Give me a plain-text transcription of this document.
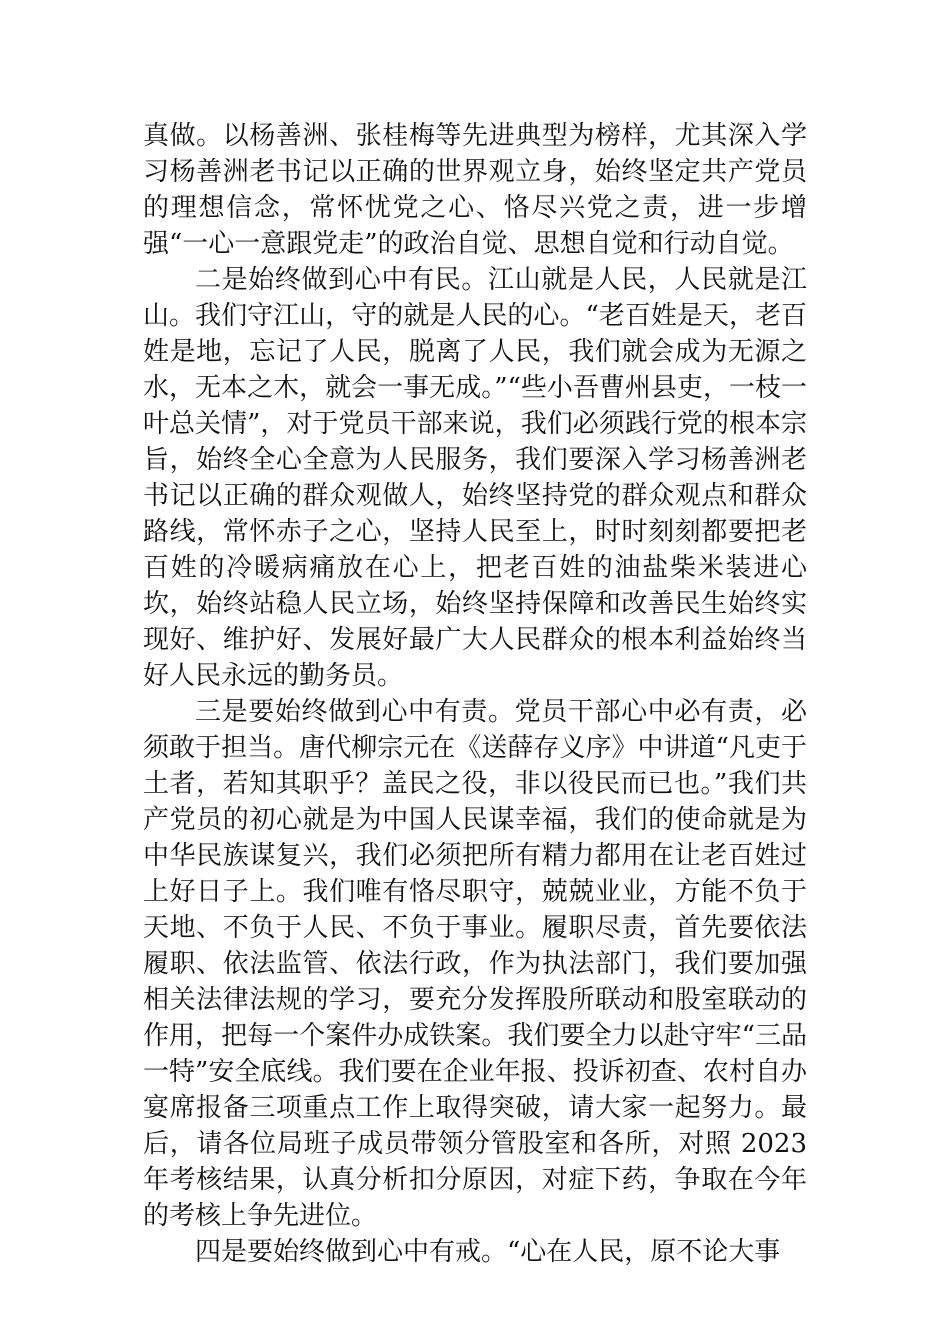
真做。以杨善洲、张桂梅等先进典型为榜样，尤其深入学习杨善洲老书记以正确的世界观立身，始终坚定共产党员的理想信念，常怀忧党之心、恪尽兴党之责，进一步增强“一心一意跟党走”的政治自觉、思想自觉和行动自觉。

二是始终做到心中有民。江山就是人民，人民就是江山。我们守江山，守的就是人民的心。“老百姓是天，老百姓是地，忘记了人民，脱离了人民，我们就会成为无源之水，无本之木，就会一事无成。”“些小吾曹州县吏，一枝一叶总关情”，对于党员干部来说，我们必须践行党的根本宗旨，始终全心全意为人民服务，我们要深入学习杨善洲老书记以正确的群众观做人，始终坚持党的群众观点和群众路线，常怀赤子之心，坚持人民至上，时时刻刻都要把老百姓的冷暖病痛放在心上，把老百姓的油盐柴米装进心坎，始终站稳人民立场，始终坚持保障和改善民生始终实现好、维护好、发展好最广大人民群众的根本利益始终当好人民永远的勤务员。

三是要始终做到心中有责。党员干部心中必有责，必须敢于担当。唐代柳宗元在《送薛存义序》中讲道“凡吏于土者，若知其职乎？盖民之役，非以役民而已也。”我们共产党员的初心就是为中国人民谋幸福，我们的使命就是为中华民族谋复兴，我们必须把所有精力都用在让老百姓过上好日子上。我们唯有恪尽职守，兢兢业业，方能不负于天地、不负于人民、不负于事业。履职尽责，首先要依法履职、依法监管、依法行政，作为执法部门，我们要加强相关法律法规的学习，要充分发挥股所联动和股室联动的作用，把每一个案件办成铁案。我们要全力以赴守牢“三品一特”安全底线。我们要在企业年报、投诉初查、农村自办宴席报备三项重点工作上取得突破，请大家一起努力。最后，请各位局班子成员带领分管股室和各所，对照 2023 年考核结果，认真分析扣分原因，对症下药，争取在今年的考核上争先进位。

四是要始终做到心中有戒。“心在人民，原不论大事
